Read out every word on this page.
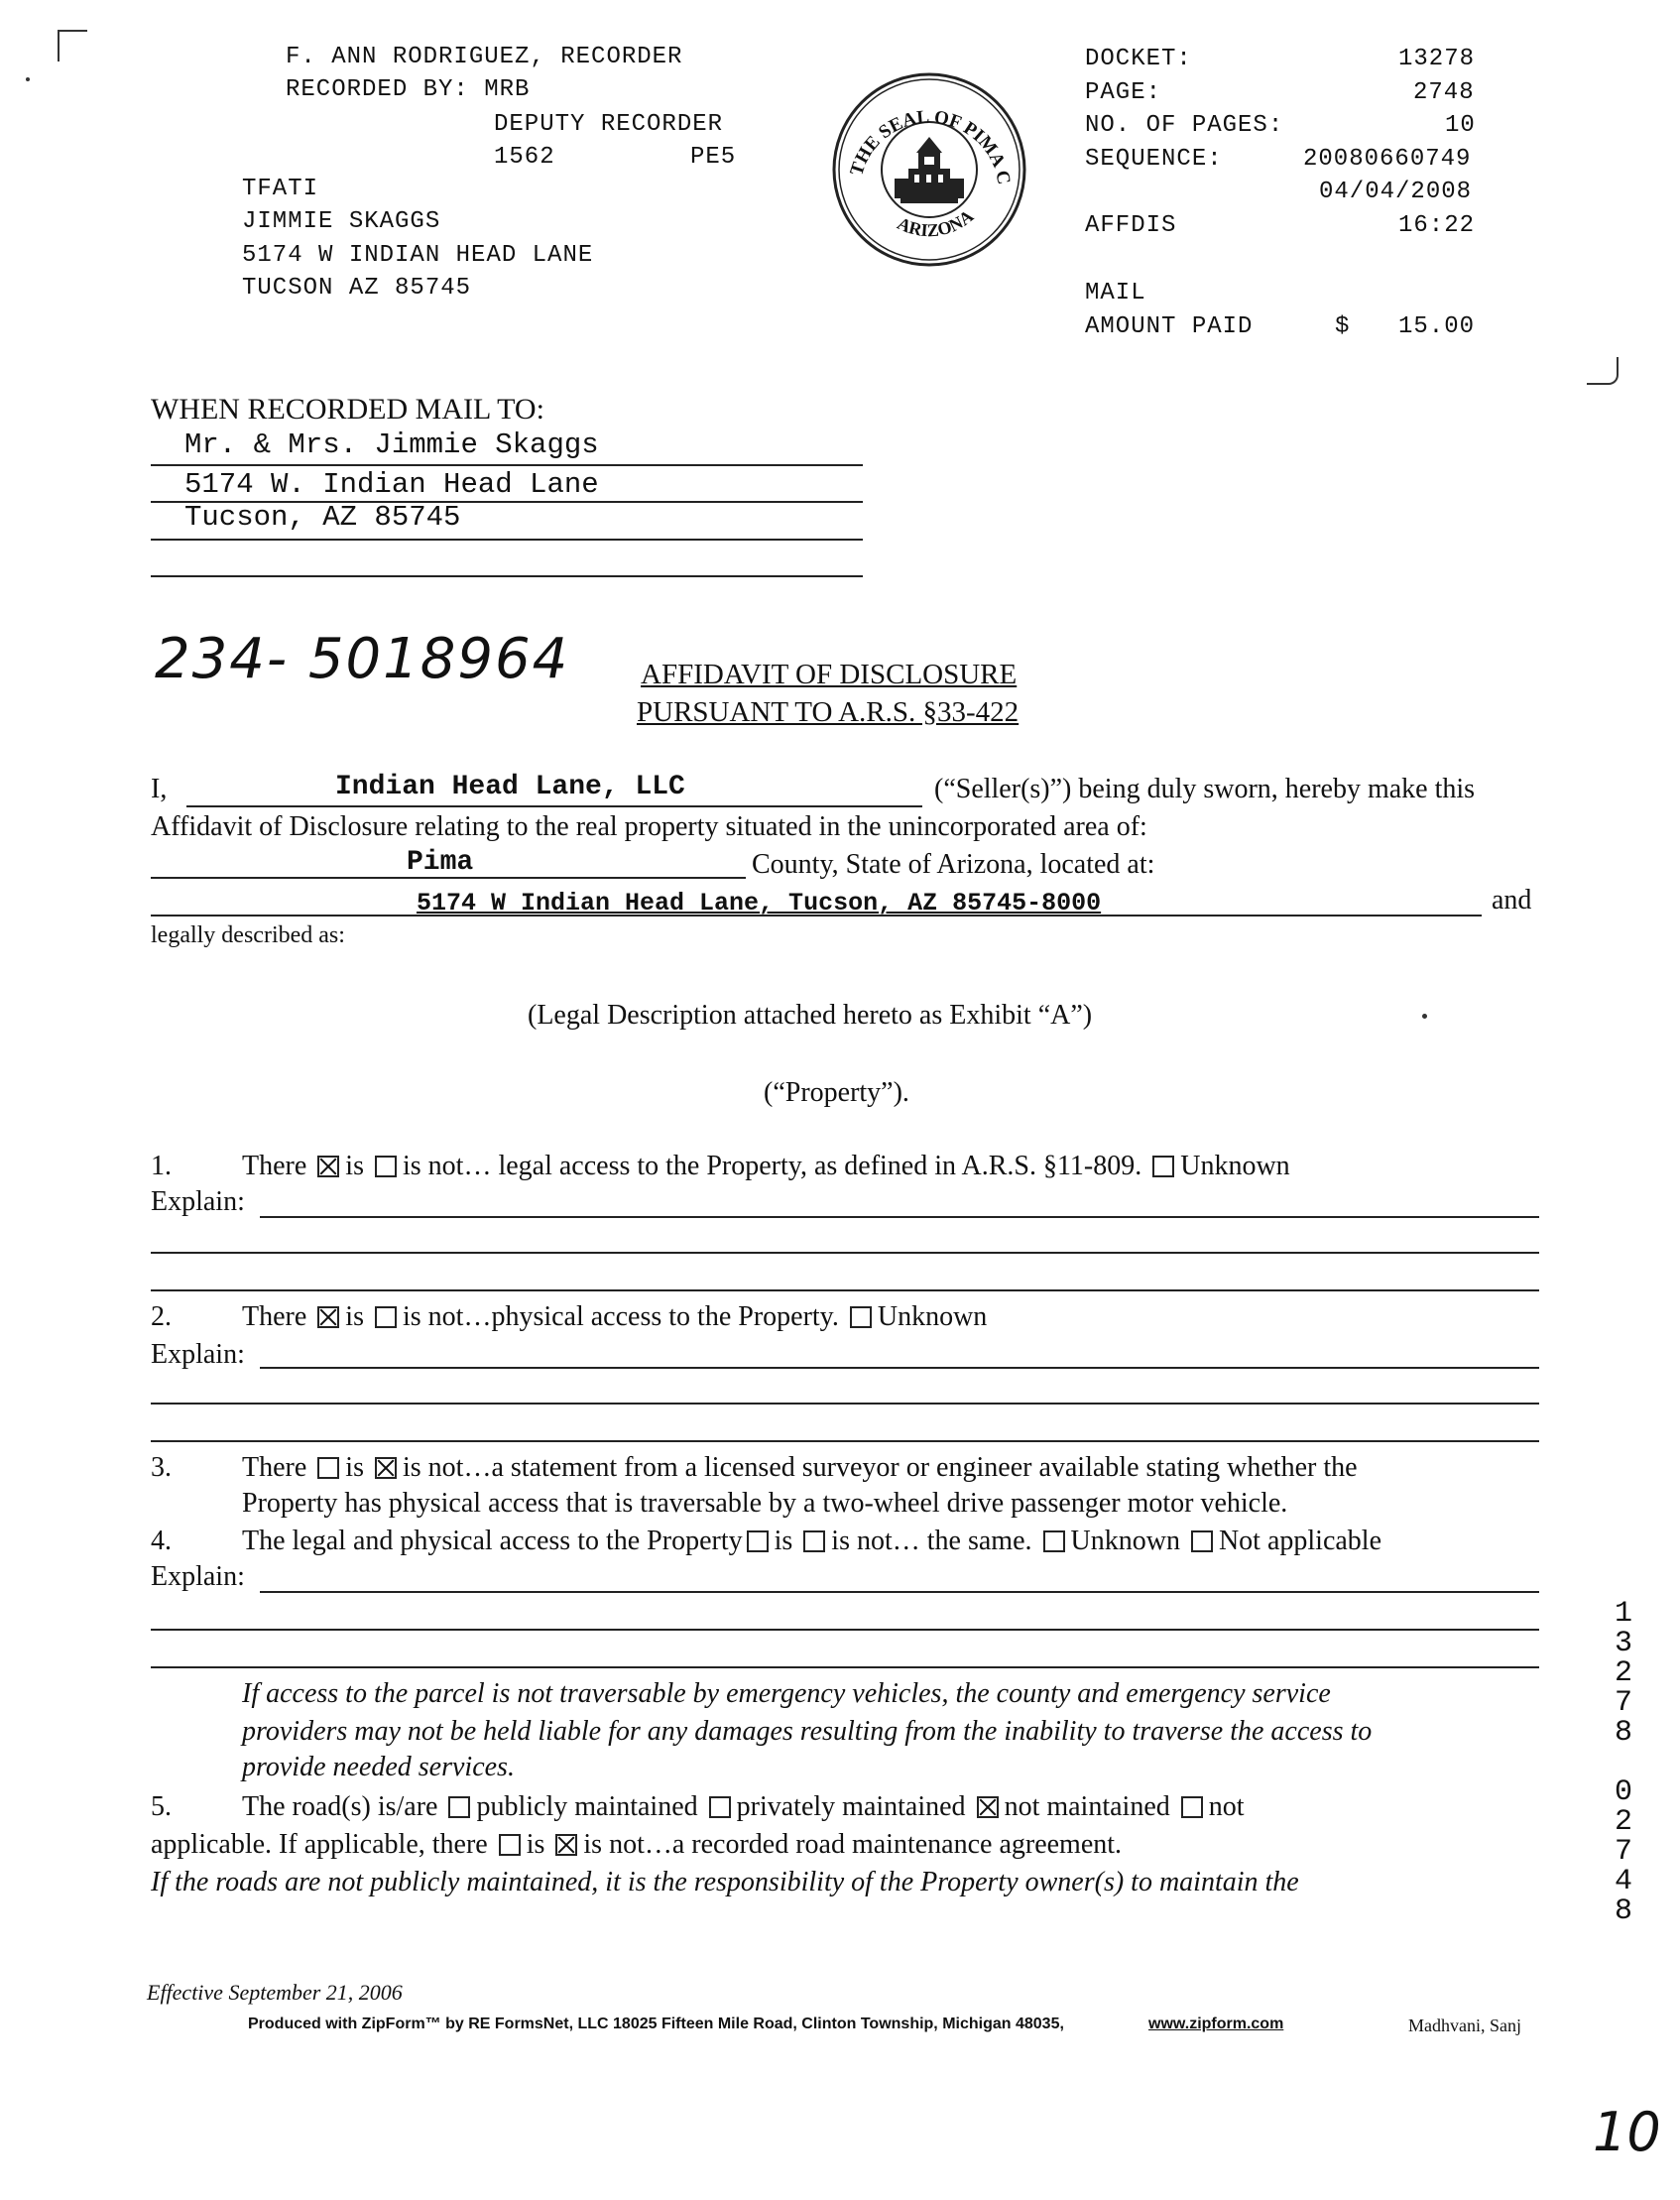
F. ANN RODRIGUEZ, RECORDER
RECORDED BY: MRB
DEPUTY RECORDER
1562	PE5
TFATI
JIMMIE SKAGGS
5174 W INDIAN HEAD LANE
TUCSON AZ 85745
THE SEAL OF PIMA C
ARIZONA
DOCKET:	13278
PAGE:	2748
NO. OF PAGES:	10
SEQUENCE:	20080660749
04/04/2008
AFFDIS	16:22
MAIL
AMOUNT PAID	$ 15.00
WHEN RECORDED MAIL TO:
Mr. & Mrs. Jimmie Skaggs
5174 W. Indian Head Lane
Tucson, AZ 85745
234- 5018964 AFFIDAVIT OF DISCLOSURE
PURSUANT TO A.R.S. §33-422
I,	Indian Head Lane, LLC	(“Seller(s)”) being duly sworn, hereby make this
Affidavit of Disclosure relating to the real property situated in the unincorporated area of:
Pima	County, State of Arizona, located at:
5174 W Indian Head Lane, Tucson, AZ 85745-8000	and
legally described as:
(Legal Description attached hereto as Exhibit “A”)
(“Property”).
1.	There is is not… legal access to the Property, as defined in A.R.S. §11-809. Unknown
Explain:
2.	There is is not…physical access to the Property. Unknown
Explain:
3.	There is is not…a statement from a licensed surveyor or engineer available stating whether the
Property has physical access that is traversable by a two-wheel drive passenger motor vehicle.
4.	The legal and physical access to the Property is is not… the same. Unknown Not applicable
Explain:
If access to the parcel is not traversable by emergency vehicles, the county and emergency service
providers may not be held liable for any damages resulting from the inability to traverse the access to
provide needed services.
5.	The road(s) is/are publicly maintained privately maintained not maintained not
applicable. If applicable, there is is not…a recorded road maintenance agreement.
If the roads are not publicly maintained, it is the responsibility of the Property owner(s) to maintain the	13278 02748
Effective September 21, 2006
Produced with ZipForm™ by RE FormsNet, LLC 18025 Fifteen Mile Road, Clinton Township, Michigan 48035,	www.zipform.com	Madhvani, Sanj
10
